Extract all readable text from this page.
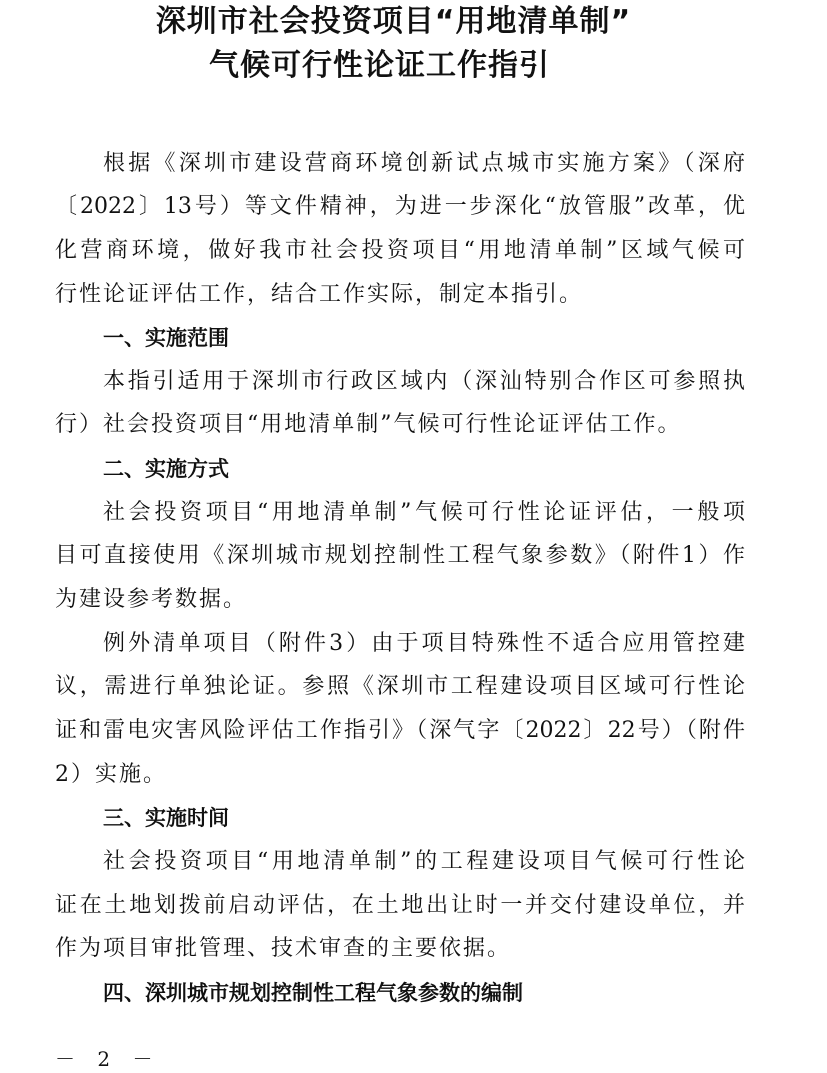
深圳市社会投资项目“用地清单制”
气候可行性论证工作指引
根据《深圳市建设营商环境创新试点城市实施方案》（深府
〔2022〕13号）等文件精神，为进一步深化“放管服”改革，优
化营商环境，做好我市社会投资项目“用地清单制”区域气候可
行性论证评估工作，结合工作实际，制定本指引。
一、实施范围
本指引适用于深圳市行政区域内（深汕特别合作区可参照执
行）社会投资项目“用地清单制”气候可行性论证评估工作。
二、实施方式
社会投资项目“用地清单制”气候可行性论证评估，一般项
目可直接使用《深圳城市规划控制性工程气象参数》（附件1）作
为建设参考数据。
例外清单项目（附件3）由于项目特殊性不适合应用管控建
议，需进行单独论证。参照《深圳市工程建设项目区域可行性论
证和雷电灾害风险评估工作指引》（深气字〔2022〕22号）（附件
2）实施。
三、实施时间
社会投资项目“用地清单制”的工程建设项目气候可行性论
证在土地划拨前启动评估，在土地出让时一并交付建设单位，并
作为项目审批管理、技术审查的主要依据。
四、深圳城市规划控制性工程气象参数的编制
－ 2 －
